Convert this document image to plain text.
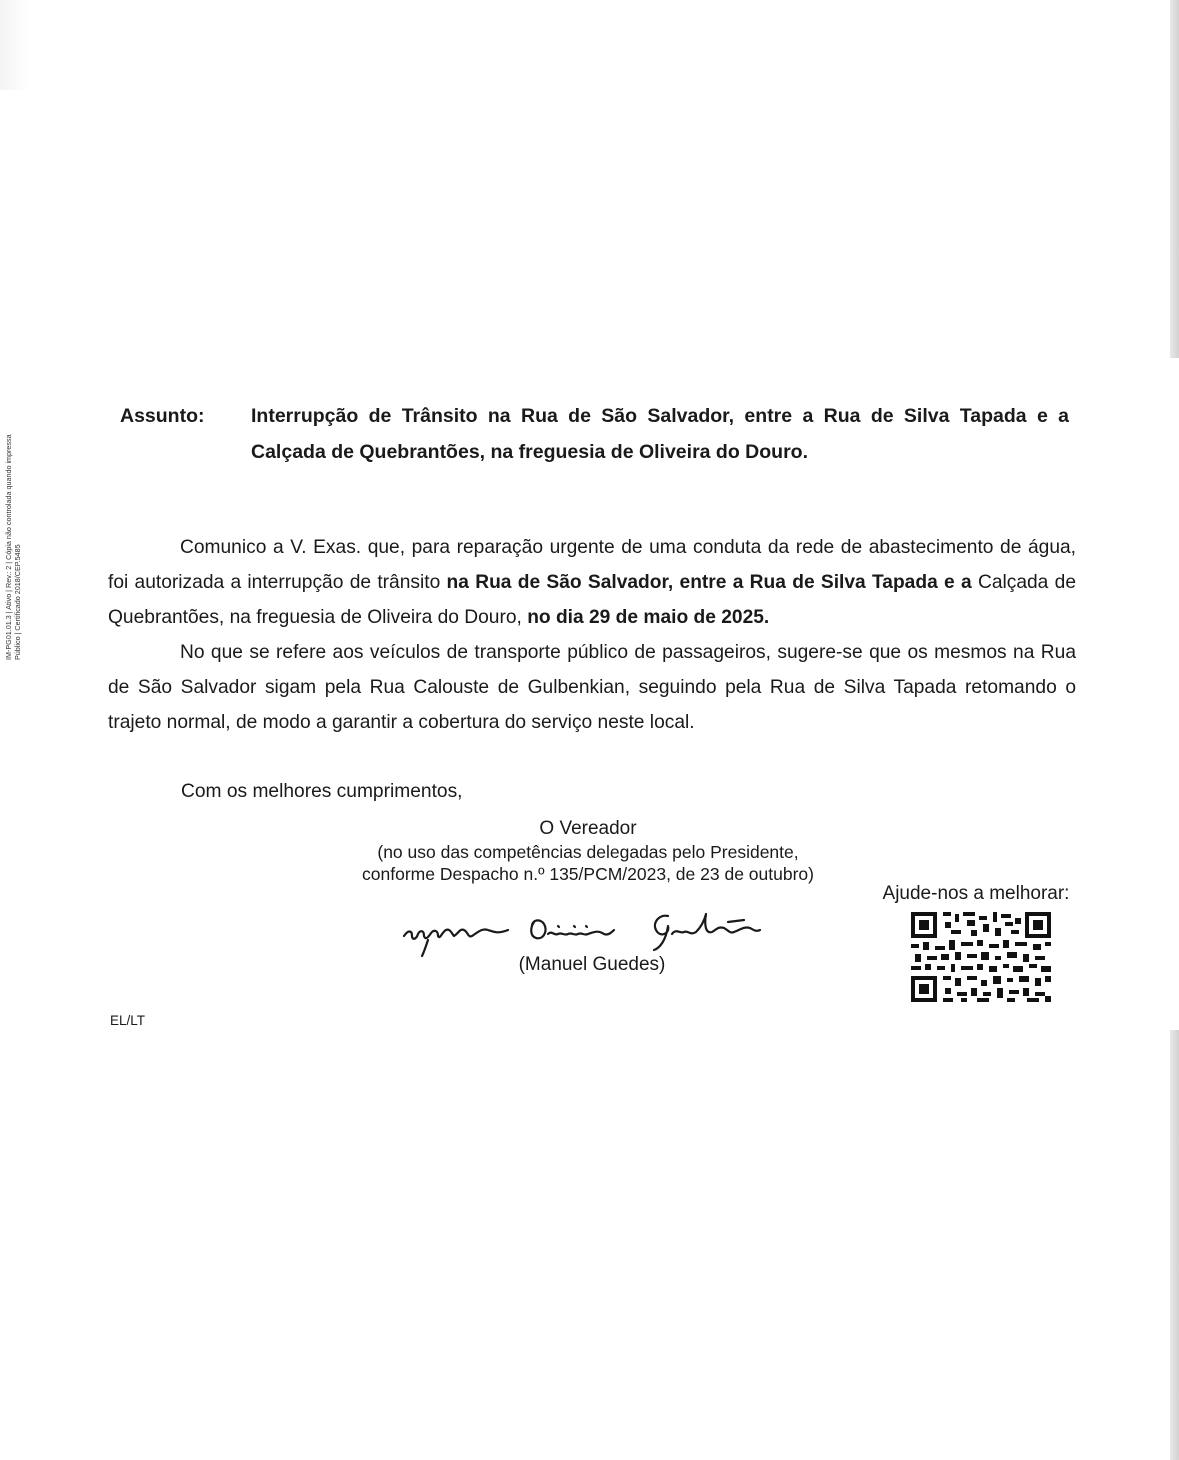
IM-PG01.01.3 | Ativo | Rev.: 2 | Cópia não controlada quando impressa Público | Certificado 2018/CEP.5485
Assunto: Interrupção de Trânsito na Rua de São Salvador, entre a Rua de Silva Tapada e a Calçada de Quebrantões, na freguesia de Oliveira do Douro.

Comunico a V. Exas. que, para reparação urgente de uma conduta da rede de abastecimento de água, foi autorizada a interrupção de trânsito na Rua de São Salvador, entre a Rua de Silva Tapada e a Calçada de Quebrantões, na freguesia de Oliveira do Douro, no dia 29 de maio de 2025.

No que se refere aos veículos de transporte público de passageiros, sugere-se que os mesmos na Rua de São Salvador sigam pela Rua Calouste de Gulbenkian, seguindo pela Rua de Silva Tapada retomando o trajeto normal, de modo a garantir a cobertura do serviço neste local.

Com os melhores cumprimentos,
O Vereador
(no uso das competências delegadas pelo Presidente,
conforme Despacho n.º 135/PCM/2023, de 23 de outubro)
(Manuel Guedes)
Ajude-nos a melhorar:
EL/LT
